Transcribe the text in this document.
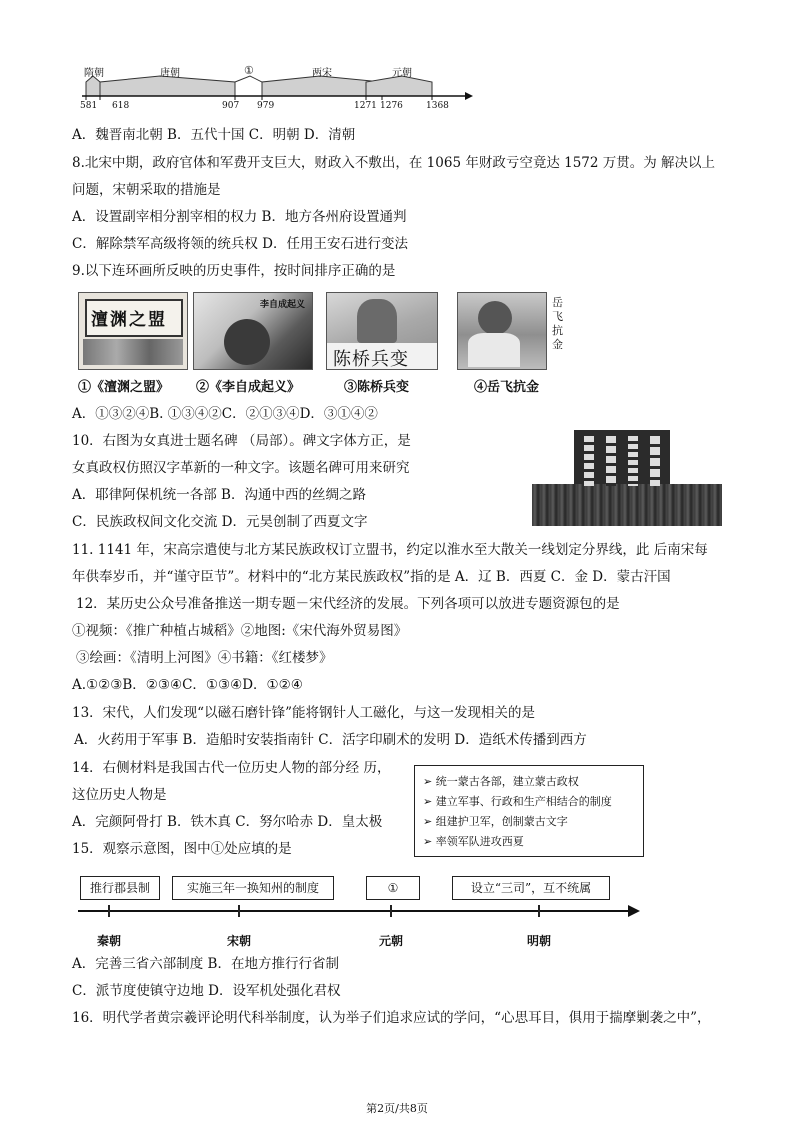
隋朝	唐朝	①	两宋	元朝
581 618	907 979	1271 1276	1368
A．魏晋南北朝 B．五代十国 C．明朝 D．清朝
8.北宋中期，政府官体和军费开支巨大，财政入不敷出，在 1065 年财政亏空竟达 1572 万贯。为 解决以上
问题，宋朝采取的措施是
A．设置副宰相分割宰相的权力 B．地方各州府设置通判
C．解除禁军高级将领的统兵权 D．任用王安石进行变法
9.以下连环画所反映的历史事件，按时间排序正确的是
澶渊之盟
李自成起义
陈桥兵变
岳飞抗金
①《澶渊之盟》 ②《李自成起义》	③陈桥兵变	④岳飞抗金
A．①③②④B. ①③④②C．②①③④D．③①④②
10．右图为女真进士题名碑 （局部）。碑文字体方正，是
女真政权仿照汉字革新的一种文字。该题名碑可用来研究
A．耶律阿保机统一各部 B．沟通中西的丝绸之路
C．民族政权间文化交流 D．元昊创制了西夏文字
11. 1141 年，宋高宗遣使与北方某民族政权订立盟书，约定以淮水至大散关一线划定分界线，此 后南宋每
年供奉岁币，并“谨守臣节”。材料中的“北方某民族政权”指的是 A．辽 B．西夏 C．金 D．蒙古汗国
12．某历史公众号准备推送一期专题－宋代经济的发展。下列各项可以放进专题资源包的是
①视频：《推广种植占城稻》②地图:《宋代海外贸易图》
③绘画：《清明上河图》④书籍：《红楼梦》
A.①②③B．②③④C．①③④D．①②④
13．宋代，人们发现“以磁石磨针锋”能将钢针人工磁化，与这一发现相关的是
A．火药用于军事 B．造船时安装指南针 C．活字印刷术的发明 D．造纸术传播到西方
14．右侧材料是我国古代一位历史人物的部分经 历，
这位历史人物是
A．完颜阿骨打 B．铁木真 C．努尔哈赤 D．皇太极
➢ 统一蒙古各部，建立蒙古政权
➢ 建立军事、行政和生产相结合的制度
➢ 组建护卫军，创制蒙古文字
➢ 率领军队进攻西夏
15．观察示意图，图中①处应填的是
推行郡县制	实施三年一换知州的制度	①	设立“三司”，互不统属
秦朝	宋朝	元朝	明朝
A．完善三省六部制度 B．在地方推行行省制
C．派节度使镇守边地 D．设军机处强化君权
16．明代学者黄宗羲评论明代科举制度，认为举子们追求应试的学问，“心思耳目，俱用于揣摩剿袭之中”，
第2页/共8页
